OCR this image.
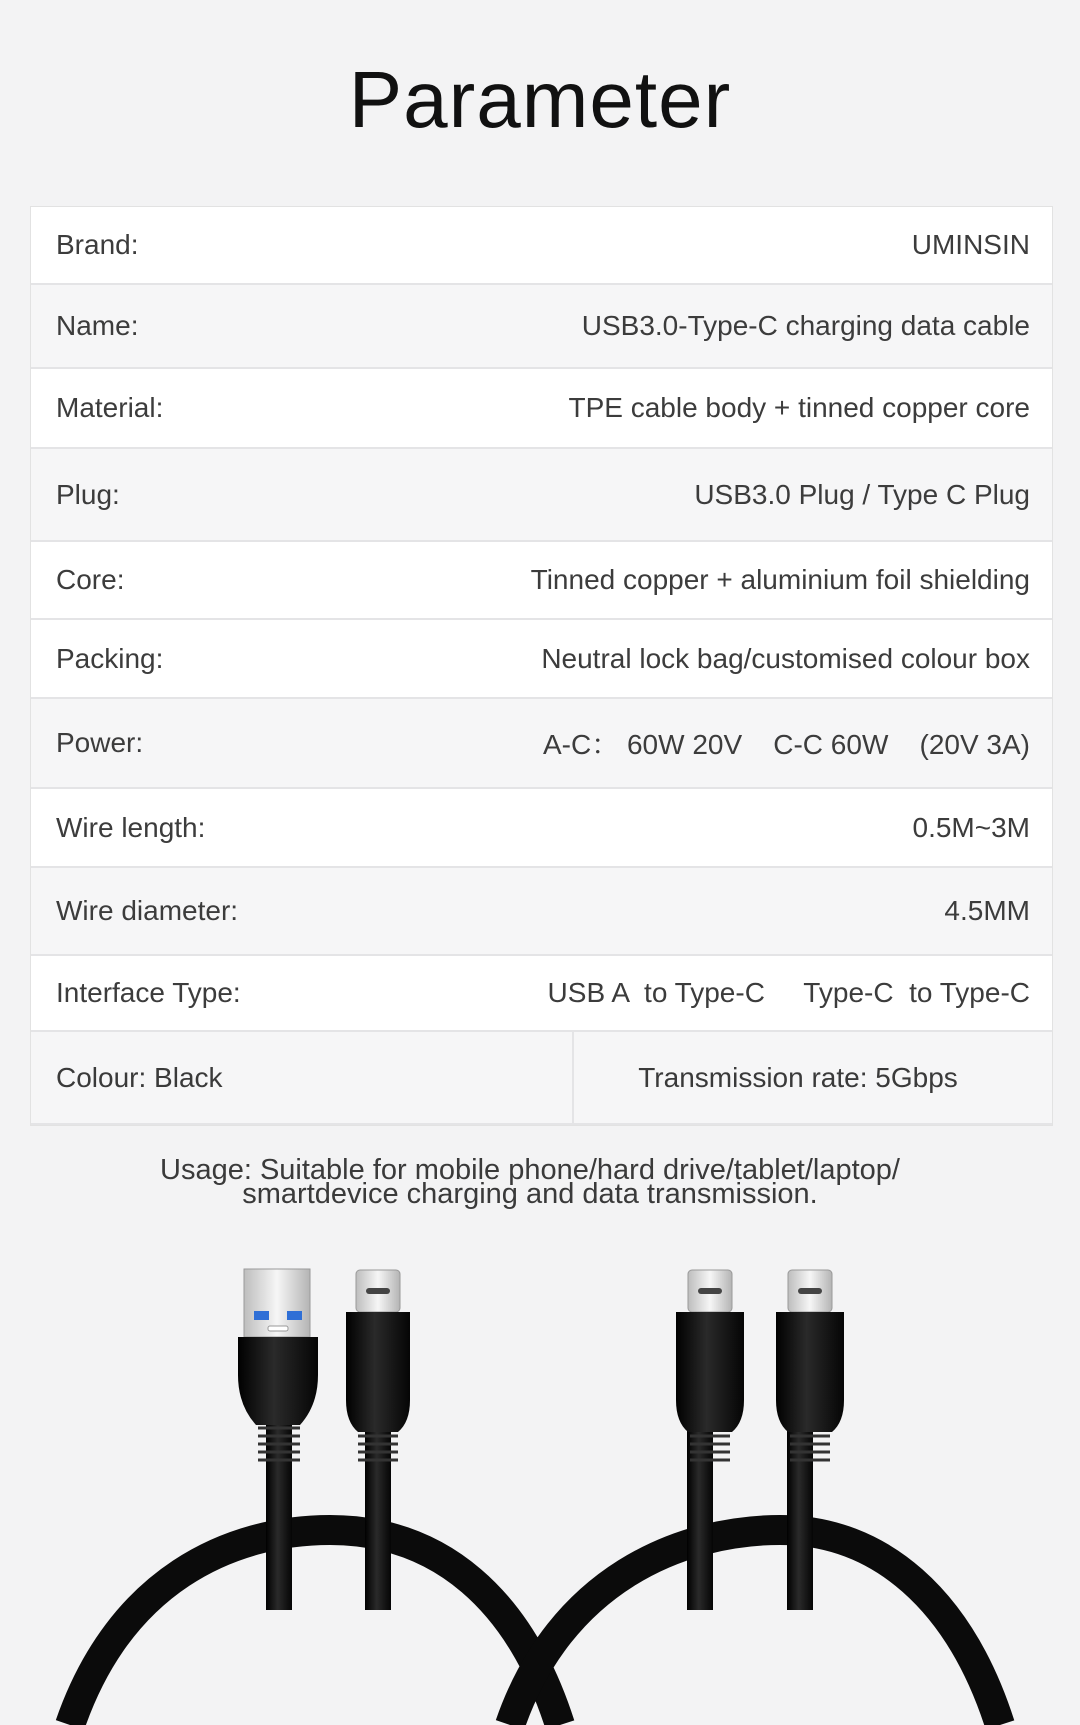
Parameter
Brand:	UMINSIN
Name:	USB3.0-Type-C charging data cable
Material:	TPE cable body + tinned copper core
Plug:	USB3.0 Plug / Type C Plug
Core:	Tinned copper + aluminium foil shielding
Packing:	Neutral lock bag/customised colour box
Power:	A-C： 60W 20V    C-C 60W    (20V 3A)
Wire length:	0.5M~3M
Wire diameter:	4.5MM
Interface Type:	USB A  to Type-C     Type-C  to Type-C
Colour: Black	Transmission rate: 5Gbps
Usage: Suitable for mobile phone/hard drive/tablet/laptop/
smartdevice charging and data transmission.
